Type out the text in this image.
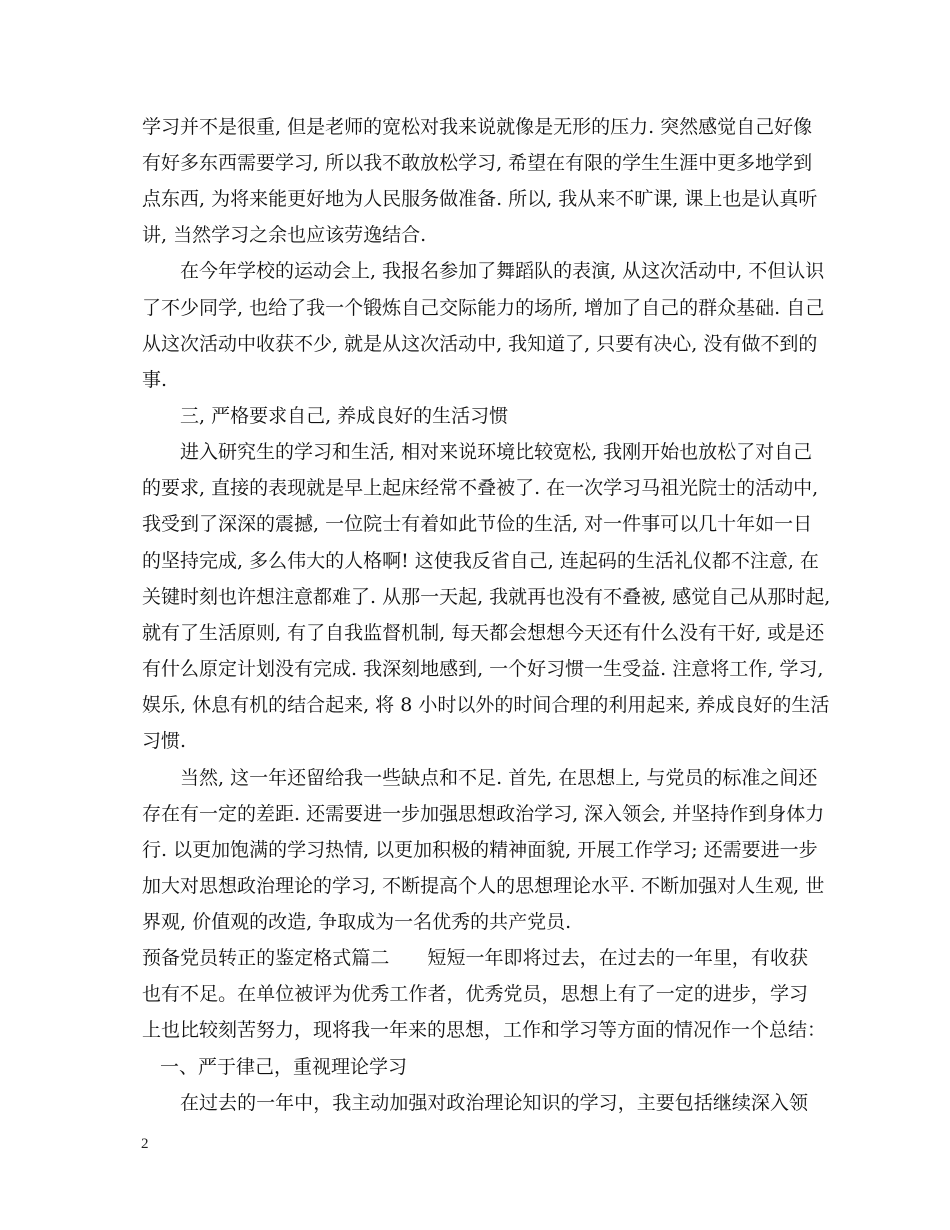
学习并不是很重, 但是老师的宽松对我来说就像是无形的压力. 突然感觉自己好像
有好多东西需要学习, 所以我不敢放松学习, 希望在有限的学生生涯中更多地学到
点东西, 为将来能更好地为人民服务做准备. 所以, 我从来不旷课, 课上也是认真听
讲, 当然学习之余也应该劳逸结合.
在今年学校的运动会上, 我报名参加了舞蹈队的表演, 从这次活动中, 不但认识
了不少同学, 也给了我一个锻炼自己交际能力的场所, 增加了自己的群众基础. 自己
从这次活动中收获不少, 就是从这次活动中, 我知道了, 只要有决心, 没有做不到的
事.
三, 严格要求自己, 养成良好的生活习惯
进入研究生的学习和生活, 相对来说环境比较宽松, 我刚开始也放松了对自己
的要求, 直接的表现就是早上起床经常不叠被了. 在一次学习马祖光院士的活动中,
我受到了深深的震撼, 一位院士有着如此节俭的生活, 对一件事可以几十年如一日
的坚持完成, 多么伟大的人格啊! 这使我反省自己, 连起码的生活礼仪都不注意, 在
关键时刻也许想注意都难了. 从那一天起, 我就再也没有不叠被, 感觉自己从那时起,
就有了生活原则, 有了自我监督机制, 每天都会想想今天还有什么没有干好, 或是还
有什么原定计划没有完成. 我深刻地感到, 一个好习惯一生受益. 注意将工作, 学习,
娱乐, 休息有机的结合起来, 将 8 小时以外的时间合理的利用起来, 养成良好的生活
习惯.
当然, 这一年还留给我一些缺点和不足. 首先, 在思想上, 与党员的标准之间还
存在有一定的差距. 还需要进一步加强思想政治学习, 深入领会, 并坚持作到身体力
行. 以更加饱满的学习热情, 以更加积极的精神面貌, 开展工作学习; 还需要进一步
加大对思想政治理论的学习, 不断提高个人的思想理论水平. 不断加强对人生观, 世
界观, 价值观的改造, 争取成为一名优秀的共产党员.
预备党员转正的鉴定格式篇二　　短短一年即将过去，在过去的一年里，有收获
也有不足。在单位被评为优秀工作者，优秀党员，思想上有了一定的进步，学习
上也比较刻苦努力，现将我一年来的思想，工作和学习等方面的情况作一个总结：
一、严于律己，重视理论学习
在过去的一年中，我主动加强对政治理论知识的学习，主要包括继续深入领
2
